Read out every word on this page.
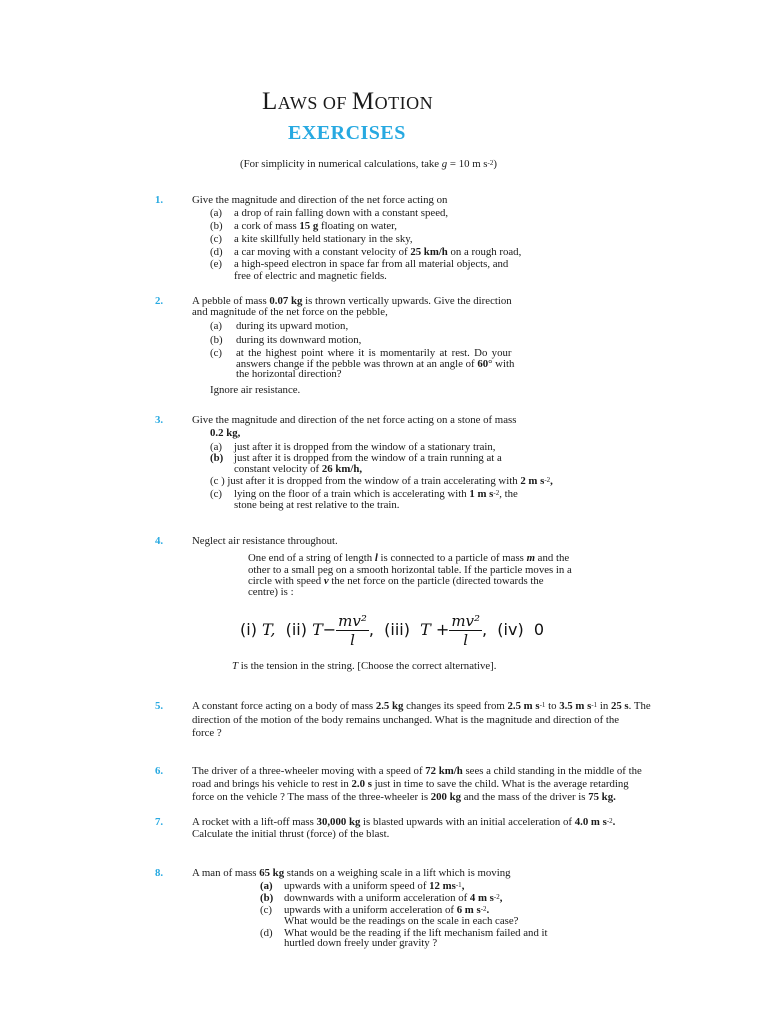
LAWS OF MOTION
EXERCISES
(For simplicity in numerical calculations, take g = 10 m $s^{-2}$)
1.	Give the magnitude and direction of the net force acting on
(a) a drop of rain falling down with a constant speed,
(b) a cork of mass 15 g floating on water,
(c) a kite skillfully held stationary in the sky,
(d) a car moving with a constant velocity of 25 km/h on a rough road,
(e) a high-speed electron in space far from all material objects, and
free of electric and magnetic fields.
2.	A pebble of mass 0.07 kg is thrown vertically upwards. Give the direction
and magnitude of the net force on the pebble,
(a) during its upward motion,
(b) during its downward motion,
(c) at the highest point where it is momentarily at rest. Do your
answers change if the pebble was thrown at an angle of 60° with
the horizontal direction?
Ignore air resistance.
3.	Give the magnitude and direction of the net force acting on a stone of mass
0.2 kg,
(a) just after it is dropped from the window of a stationary train,
(b) just after it is dropped from the window of a train running at a
constant velocity of 26 km/h,
(c ) just after it is dropped from the window of a train accelerating with 2 m $s^{-2}$,
(c) lying on the floor of a train which is accelerating with 1 m $s^{-2}$, the
stone being at rest relative to the train.
4.	Neglect air resistance throughout.
One end of a string of length l is connected to a particle of mass m and the
other to a small peg on a smooth horizontal table. If the particle moves in a
circle with speed v the net force on the particle (directed towards the
centre) is :
(i) T, (ii) $T- \frac{\text{mv²}}{l}$ , (iii) $T + \frac{\text{mv²}}{l}$ , (iv) 0
T is the tension in the string. [Choose the correct alternative].
5.	A constant force acting on a body of mass 2.5 kg changes its speed from 2.5 m $s^{-1}$ to 3.5 m $s^{-1}$ in 25 s. The
direction of the motion of the body remains unchanged. What is the magnitude and direction of the
force ?
6.	The driver of a three-wheeler moving with a speed of 72 km/h sees a child standing in the middle of the
road and brings his vehicle to rest in 2.0 s just in time to save the child. What is the average retarding
force on the vehicle ? The mass of the three-wheeler is 200 kg and the mass of the driver is 75 kg.
7.	A rocket with a lift-off mass 30,000 kg is blasted upwards with an initial acceleration of 4.0 m $s^{-2}$.
Calculate the initial thrust (force) of the blast.
8.	A man of mass 65 kg stands on a weighing scale in a lift which is moving
(a) upwards with a uniform speed of 12 $ms^{-1}$,
(b) downwards with a uniform acceleration of 4 m $s^{-2}$,
(c) upwards with a uniform acceleration of 6 m $s^{-2}$.
What would be the readings on the scale in each case?
(d) What would be the reading if the lift mechanism failed and it
hurtled down freely under gravity ?
